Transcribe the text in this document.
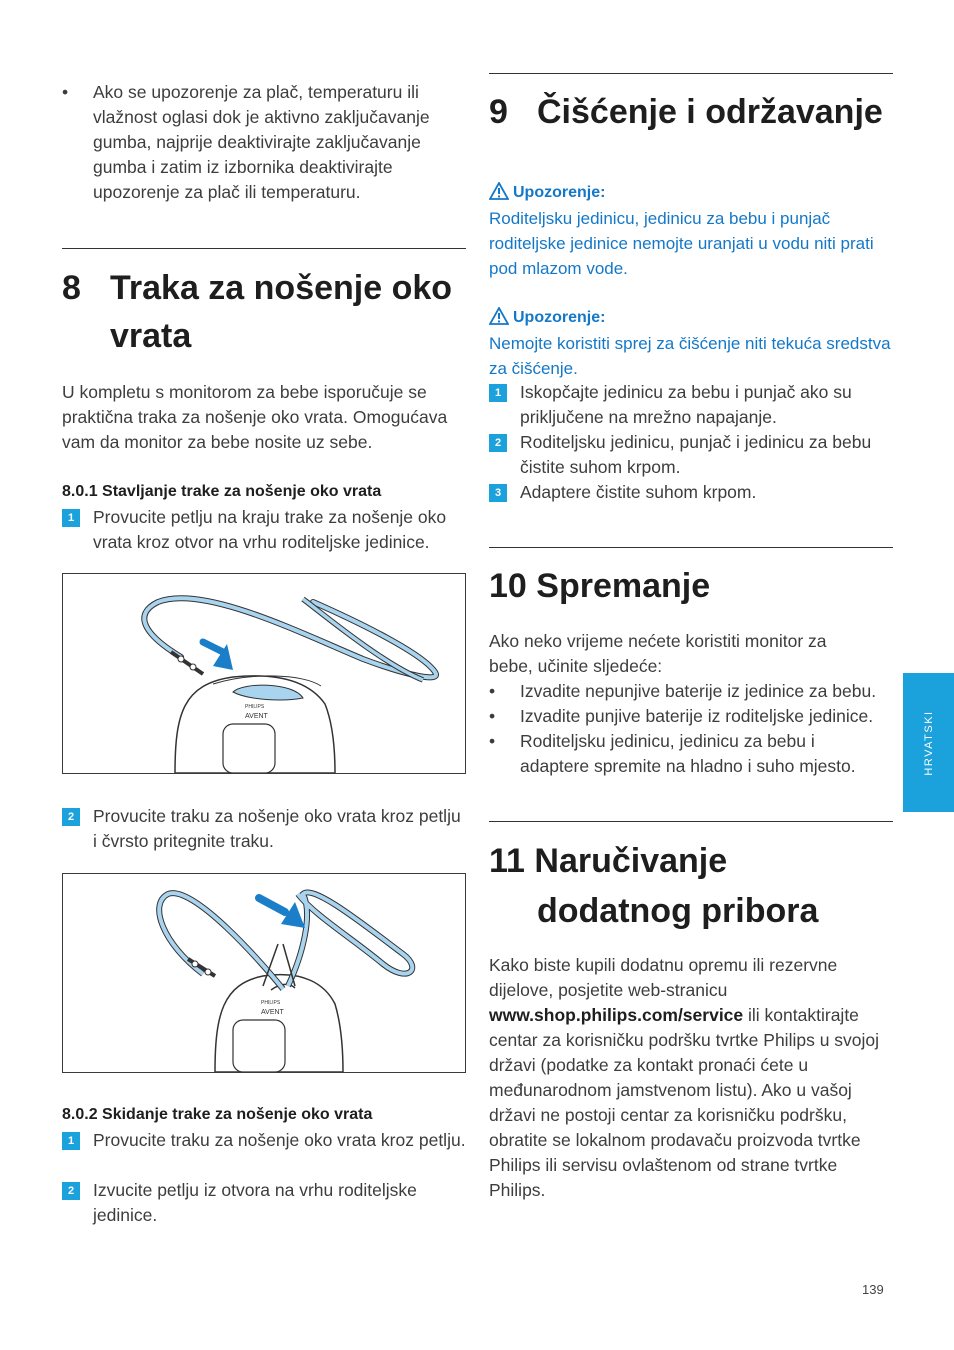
• Ako se upozorenje za plač, temperaturu ili vlažnost oglasi dok je aktivno zaključavanje gumba, najprije deaktivirajte zaključavanje gumba i zatim iz izbornika deaktivirajte upozorenje za plač ili temperaturu.
8 Traka za nošenje oko
vrata

U kompletu s monitorom za bebe isporučuje se praktična traka za nošenje oko vrata. Omogućava vam da monitor za bebe nosite uz sebe.

8.0.1 Stavljanje trake za nošenje oko vrata
1	Provucite petlju na kraju trake za nošenje oko vrata kroz otvor na vrhu roditeljske jedinice.
PHILIPS
AVENT
2	Provucite traku za nošenje oko vrata kroz petlju i čvrsto pritegnite traku.
PHILIPS
AVENT
8.0.2 Skidanje trake za nošenje oko vrata
1	Provucite traku za nošenje oko vrata kroz petlju.
2	Izvucite petlju iz otvora na vrhu roditeljske jedinice.
9 Čišćenje i održavanje
Upozorenje:
Roditeljsku jedinicu, jedinicu za bebu i punjač roditeljske jedinice nemojte uranjati u vodu niti prati pod mlazom vode.
Upozorenje:
Nemojte koristiti sprej za čišćenje niti tekuća sredstva za čišćenje.
1	Iskopčajte jedinicu za bebu i punjač ako su priključene na mrežno napajanje.
2	Roditeljsku jedinicu, punjač i jedinicu za bebu čistite suhom krpom.
3	Adaptere čistite suhom krpom.
10 Spremanje

Ako neko vrijeme nećete koristiti monitor za bebe, učinite sljedeće:

• Izvadite nepunjive baterije iz jedinice za bebu.
• Izvadite punjive baterije iz roditeljske jedinice.
• Roditeljsku jedinicu, jedinicu za bebu i adaptere spremite na hladno i suho mjesto.
11 Naručivanje
dodatnog pribora

Kako biste kupili dodatnu opremu ili rezervne dijelove, posjetite web-stranicu www.shop.philips.com/service ili kontaktirajte centar za korisničku podršku tvrtke Philips u svojoj državi (podatke za kontakt pronaći ćete u međunarodnom jamstvenom listu). Ako u vašoj državi ne postoji centar za korisničku podršku, obratite se lokalnom prodavaču proizvoda tvrtke Philips ili servisu ovlaštenom od strane tvrtke Philips.

HRVATSKI
139
